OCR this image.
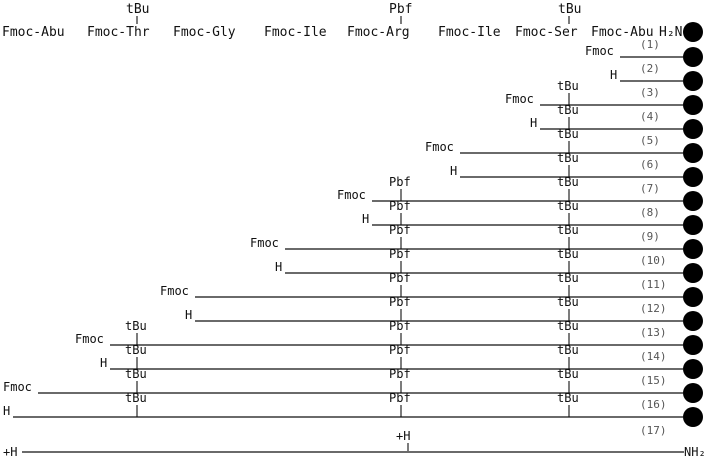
Fmoc-Abu Fmoc-Thr Fmoc-Gly Fmoc-Ile Fmoc-Arg Fmoc-Ile Fmoc-Ser Fmoc-Abu H₂N
tBu	Pbf	tBu
Fmoc (1)
H (2)
Fmoc	(3)
tBu
H	(4)
tBu
Fmoc	(5)
tBu
H	(6)
tBu
Fmoc	(7)
Pbf	tBu
H	(8)
Pbf	tBu
Fmoc	(9)
Pbf	tBu
H	(10)
Pbf	tBu
Fmoc	(11)
Pbf	tBu
H	(12)
Pbf	tBu
Fmoc	(13)
tBu	Pbf	tBu
H	(14)
tBu	Pbf	tBu
Fmoc	(15)
tBu	Pbf	tBu
H	(16)
tBu	Pbf	tBu
(17)
+H
+H	NH₂
